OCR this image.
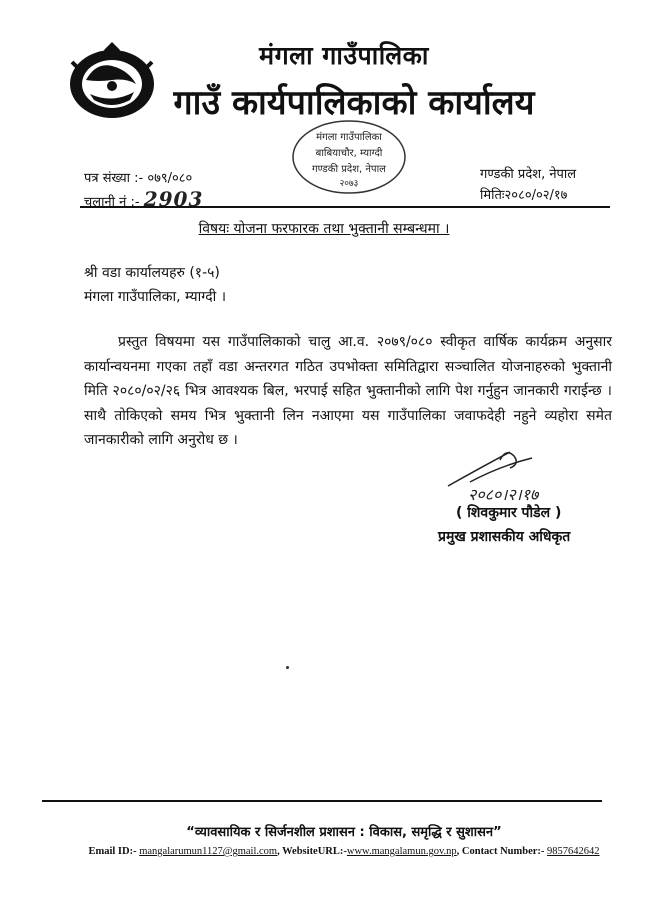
मंगला गाउँपालिका
गाउँ कार्यपालिकाको कार्यालय
मंगला गाउँपालिका
बाबियाचौर, म्याग्दी
गण्डकी प्रदेश, नेपाल
२०७३
पत्र संख्या :- ०७९/०८०
चलानी नं :- 2903
गण्डकी प्रदेश, नेपाल
मितिः२०८०/०२/१७
विषयः योजना फरफारक तथा भुक्तानी सम्बन्धमा ।
श्री वडा कार्यालयहरु (१-५)
मंगला गाउँपालिका, म्याग्दी ।
प्रस्तुत विषयमा यस गाउँपालिकाको चालु आ.व. २०७९/०८० स्वीकृत वार्षिक कार्यक्रम अनुसार कार्यान्वयनमा गएका तहाँ वडा अन्तरगत गठित उपभोक्ता समितिद्वारा सञ्चालित योजनाहरुको भुक्तानी मिति २०८०/०२/२६ भित्र आवश्यक बिल, भरपाई सहित भुक्तानीको लागि पेश गर्नुहुन जानकारी गराईन्छ । साथै तोकिएको समय भित्र भुक्तानी लिन नआएमा यस गाउँपालिका जवाफदेही नहुने व्यहोरा समेत जानकारीको लागि अनुरोध छ ।
२०८०।२।१७
( शिवकुमार पौडेल )
प्रमुख प्रशासकीय अधिकृत
“व्यावसायिक र सिर्जनशील प्रशासन : विकास, समृद्धि र सुशासन”
Email ID:- mangalarumun1127@gmail.com, WebsiteURL:-www.mangalamun.gov.np, Contact Number:- 9857642642
